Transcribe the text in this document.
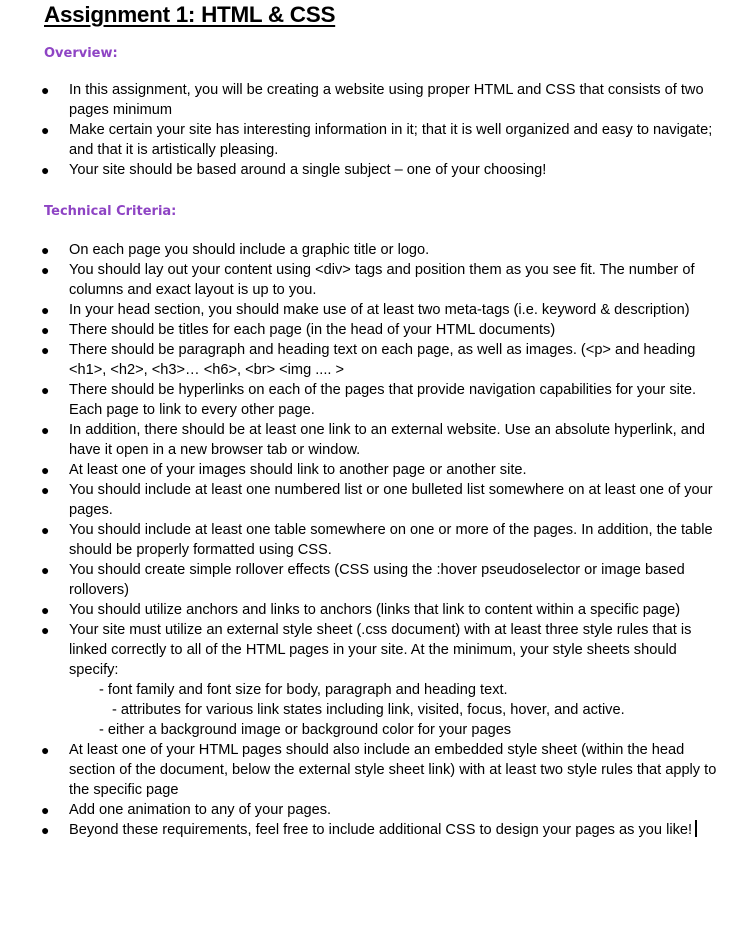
Assignment 1: HTML & CSS
Overview:
● In this assignment, you will be creating a website using proper HTML and CSS that consists of two pages minimum
● Make certain your site has interesting information in it; that it is well organized and easy to navigate; and that it is artistically pleasing.
● Your site should be based around a single subject – one of your choosing!
Technical Criteria:
● On each page you should include a graphic title or logo.
● You should lay out your content using <div> tags and position them as you see fit. The number of columns and exact layout is up to you.
● In your head section, you should make use of at least two meta-tags (i.e. keyword & description)
● There should be titles for each page (in the head of your HTML documents)
● There should be paragraph and heading text on each page, as well as images. (<p> and heading <h1>, <h2>, <h3>… <h6>, <br> <img .... >
● There should be hyperlinks on each of the pages that provide navigation capabilities for your site. Each page to link to every other page.
● In addition, there should be at least one link to an external website. Use an absolute hyperlink, and have it open in a new browser tab or window.
● At least one of your images should link to another page or another site.
● You should include at least one numbered list or one bulleted list somewhere on at least one of your pages.
● You should include at least one table somewhere on one or more of the pages. In addition, the table should be properly formatted using CSS.
● You should create simple rollover effects (CSS using the :hover pseudoselector or image based rollovers)
● You should utilize anchors and links to anchors (links that link to content within a specific page)
● Your site must utilize an external style sheet (.css document) with at least three style rules that is linked correctly to all of the HTML pages in your site. At the minimum, your style sheets should specify:
- font family and font size for body, paragraph and heading text.
- attributes for various link states including link, visited, focus, hover, and active.
- either a background image or background color for your pages
● At least one of your HTML pages should also include an embedded style sheet (within the head section of the document, below the external style sheet link) with at least two style rules that apply to the specific page
● Add one animation to any of your pages.
● Beyond these requirements, feel free to include additional CSS to design your pages as you like!
